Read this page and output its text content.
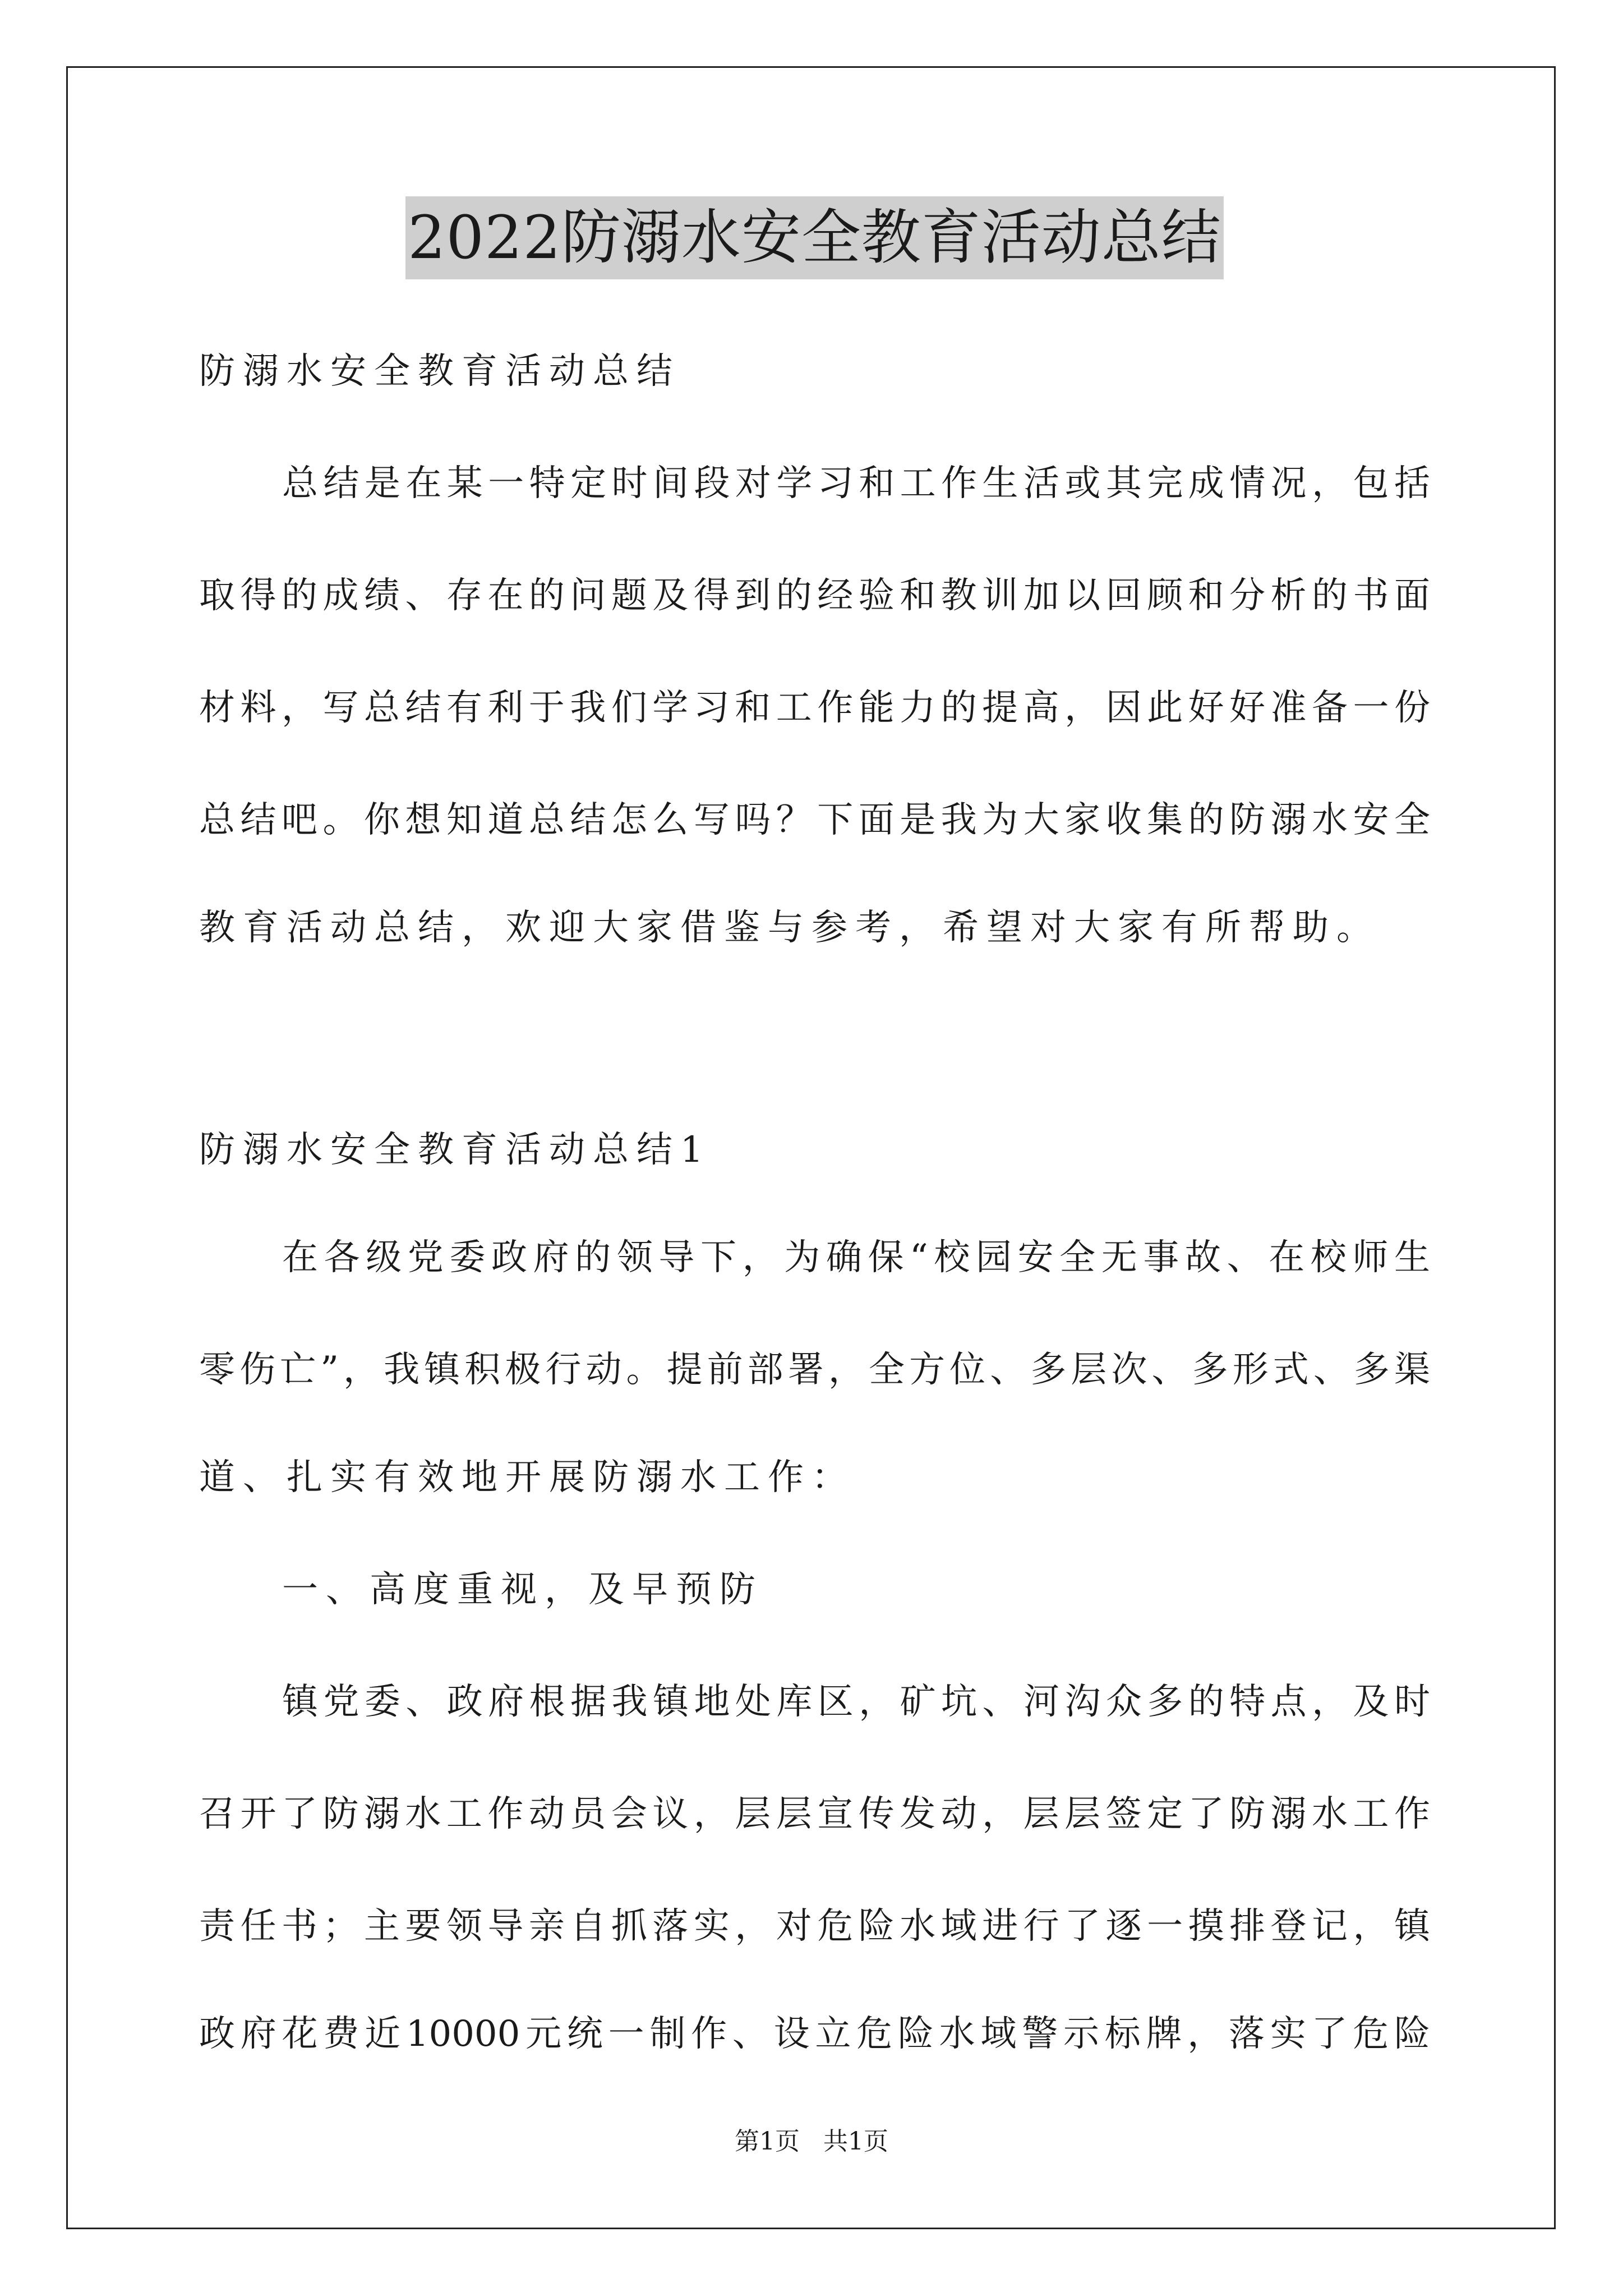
2022防溺水安全教育活动总结
防溺水安全教育活动总结
总结是在某一特定时间段对学习和工作生活或其完成情况，包括
取得的成绩、存在的问题及得到的经验和教训加以回顾和分析的书面
材料，写总结有利于我们学习和工作能力的提高，因此好好准备一份
总结吧。你想知道总结怎么写吗？下面是我为大家收集的防溺水安全
教育活动总结，欢迎大家借鉴与参考，希望对大家有所帮助。
防溺水安全教育活动总结1
在各级党委政府的领导下，为确保“校园安全无事故、在校师生
零伤亡”，我镇积极行动。提前部署，全方位、多层次、多形式、多渠
道、扎实有效地开展防溺水工作：
一、高度重视，及早预防
镇党委、政府根据我镇地处库区，矿坑、河沟众多的特点，及时
召开了防溺水工作动员会议，层层宣传发动，层层签定了防溺水工作
责任书；主要领导亲自抓落实，对危险水域进行了逐一摸排登记，镇
政府花费近10000元统一制作、设立危险水域警示标牌，落实了危险
第1页   共1页
